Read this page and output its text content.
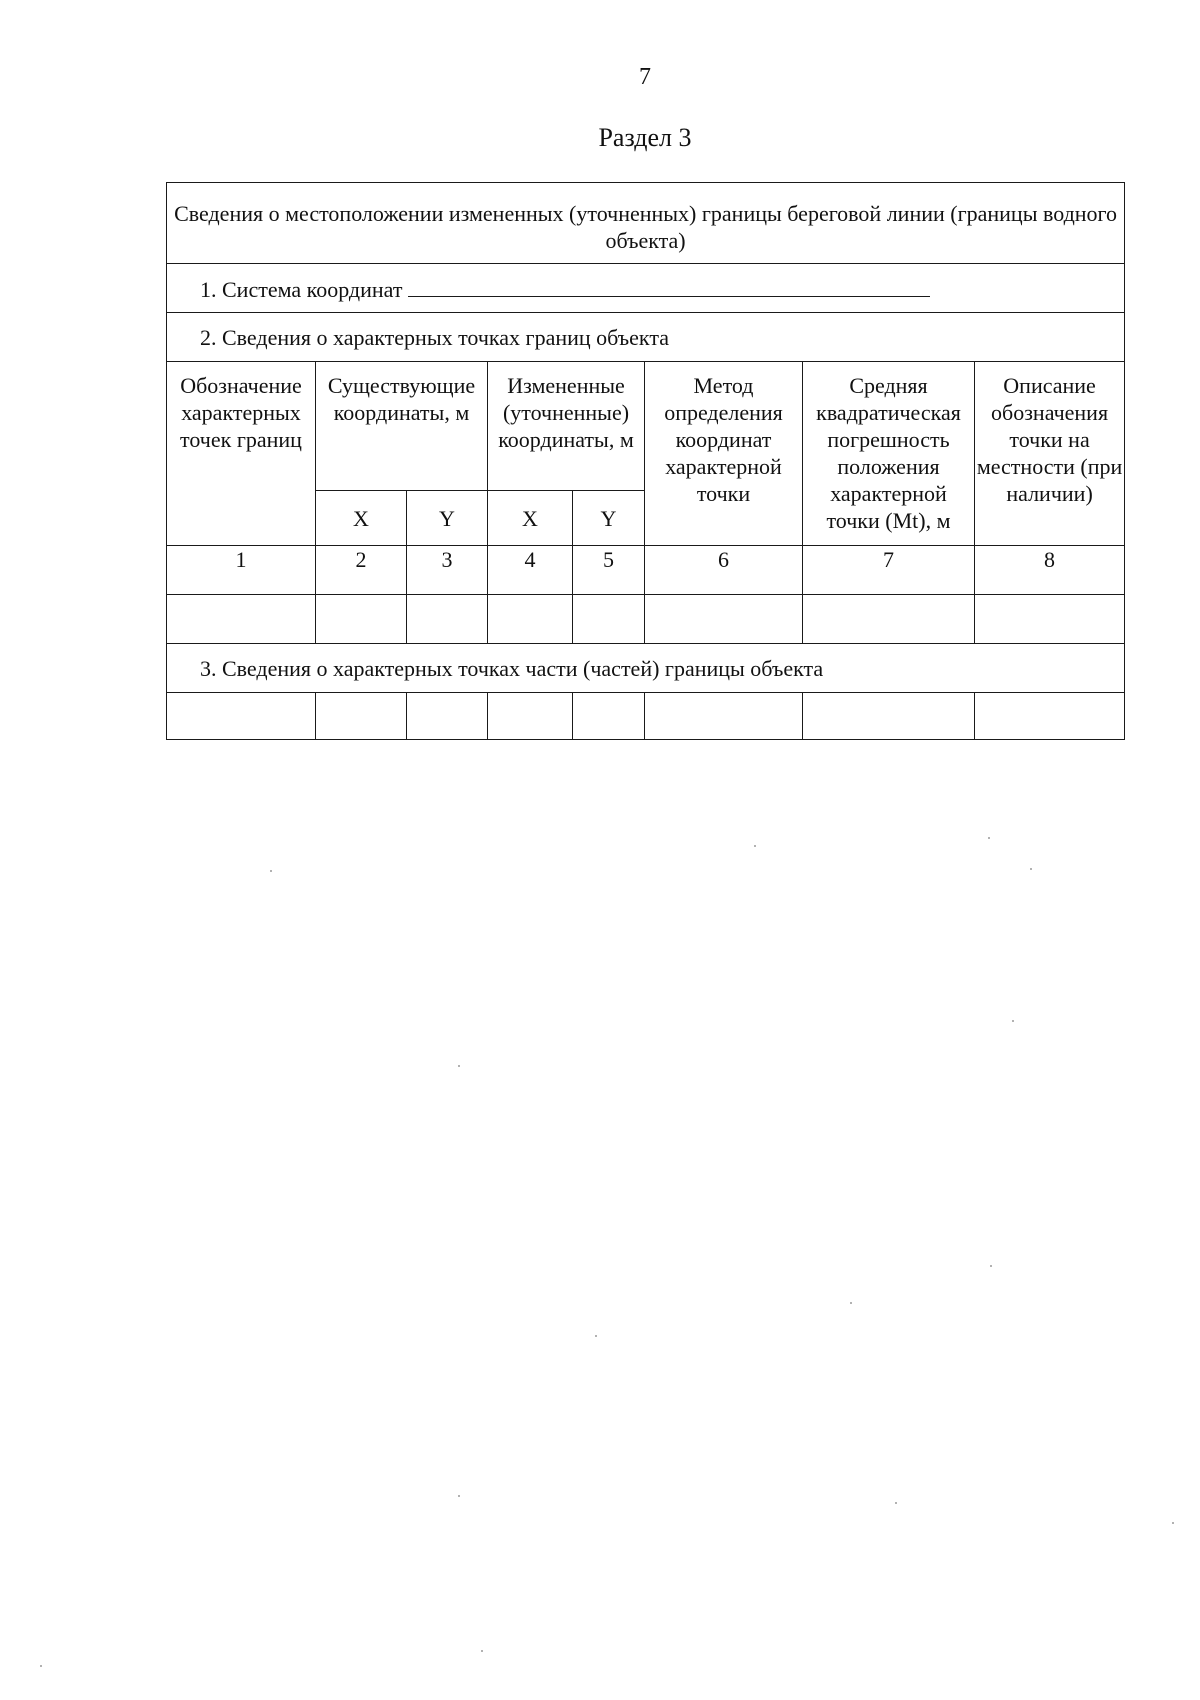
7
Раздел 3
Сведения о местоположении измененных (уточненных) границы береговой линии (границы водного объекта)							
1. Система координат							
2. Сведения о характерных точках границ объекта							
Обозначение характерных точек границ	Существующие координаты, м		Измененные (уточненные) координаты, м		Метод определения координат характерной точки	Средняя квадратическая погрешность положения характерной точки (Mt), м	Описание обозначения точки на местности (при наличии)
	X	Y	X	Y			
1	2	3	4	5	6	7	8

3. Сведения о характерных точках части (частей) границы объекта							
